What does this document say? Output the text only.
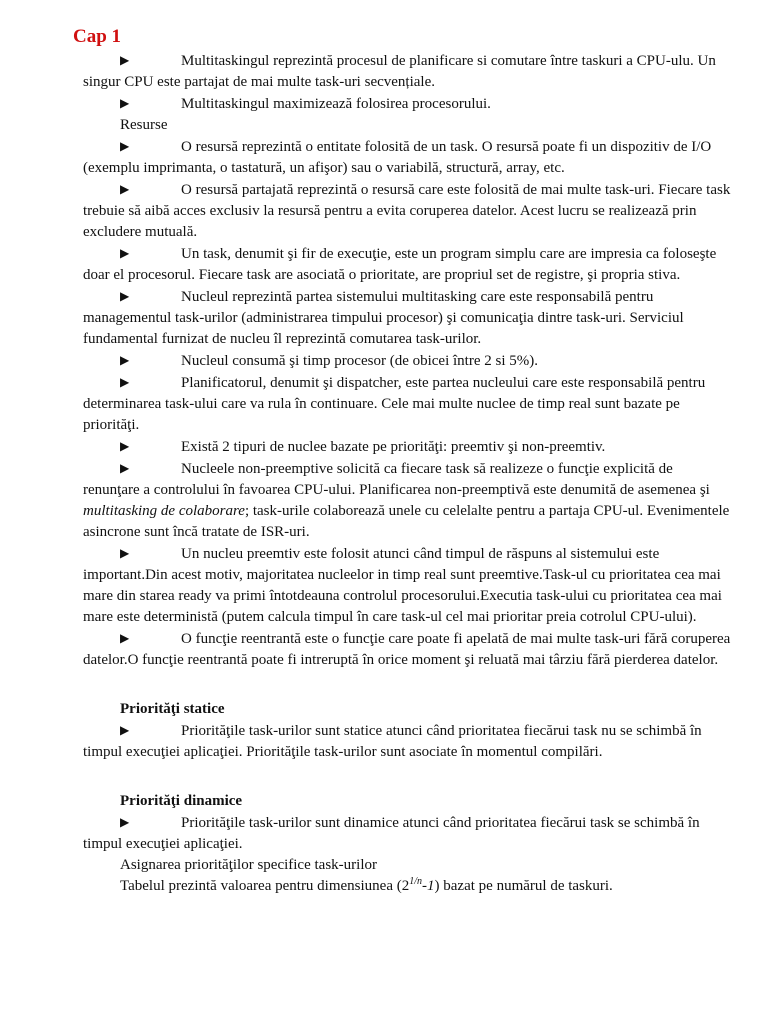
Cap 1

▶	Multitaskingul reprezintă procesul de planificare si comutare între taskuri a CPU-ulu. Un singur CPU este partajat de mai multe task-uri secvențiale.

▶	Multitaskingul maximizează folosirea procesorului.

Resurse

▶	O resursă reprezintă o entitate folosită de un task. O resursă poate fi un dispozitiv de I/O (exemplu imprimanta, o tastatură, un afişor) sau o variabilă, structură, array, etc.

▶	O resursă partajată reprezintă o resursă care este folosită de mai multe task-uri. Fiecare task trebuie să aibă acces exclusiv la resursă pentru a evita coruperea datelor. Acest lucru se realizează prin excludere mutuală.

▶	Un task, denumit şi fir de execuţie, este un program simplu care are impresia ca foloseşte doar el procesorul. Fiecare task are asociată o prioritate, are propriul set de registre, şi propria stiva.

▶	Nucleul reprezintă partea sistemului multitasking care este responsabilă pentru managementul task-urilor (administrarea timpului procesor) şi comunicaţia dintre task-uri. Serviciul fundamental furnizat de nucleu îl reprezintă comutarea task-urilor.

▶	Nucleul consumă şi timp procesor (de obicei între 2 si 5%).

▶	Planificatorul, denumit şi dispatcher, este partea nucleului care este responsabilă pentru determinarea task-ului care va rula în continuare. Cele mai multe nuclee de timp real sunt bazate pe priorităţi.

▶	Există 2 tipuri de nuclee bazate pe priorităţi: preemtiv şi non-preemtiv.

▶	Nucleele non-preemptive solicită ca fiecare task să realizeze o funcţie explicită de renunţare a controlului în favoarea CPU-ului. Planificarea non-preemptivă este denumită de asemenea şi multitasking de colaborare; task-urile colaborează unele cu celelalte pentru a partaja CPU-ul. Evenimentele asincrone sunt încă tratate de ISR-uri.

▶	Un nucleu preemtiv este folosit atunci când timpul de răspuns al sistemului este important.Din acest motiv, majoritatea nucleelor in timp real sunt preemtive.Task-ul cu prioritatea cea mai mare din starea ready va primi întotdeauna controlul procesorului.Executia task-ului cu prioritatea cea mai mare este deterministă (putem calcula timpul în care task-ul cel mai prioritar preia cotrolul CPU-ului).

▶	O funcţie reentrantă este o funcţie care poate fi apelată de mai multe task-uri fără coruperea datelor.O funcţie reentrantă poate fi intreruptă în orice moment şi reluată mai târziu fără pierderea datelor.

Priorităţi statice

▶	Priorităţile task-urilor sunt statice atunci când prioritatea fiecărui task nu se schimbă în timpul execuţiei aplicaţiei. Priorităţile task-urilor sunt asociate în momentul compilări.

Priorităţi dinamice

▶	Priorităţile task-urilor sunt dinamice atunci când prioritatea fiecărui task se schimbă în timpul execuţiei aplicaţiei.

Asignarea priorităţilor specifice task-urilor

Tabelul prezintă valoarea pentru dimensiunea $(2^{1/n}-1)$ bazat pe numărul de taskuri.
